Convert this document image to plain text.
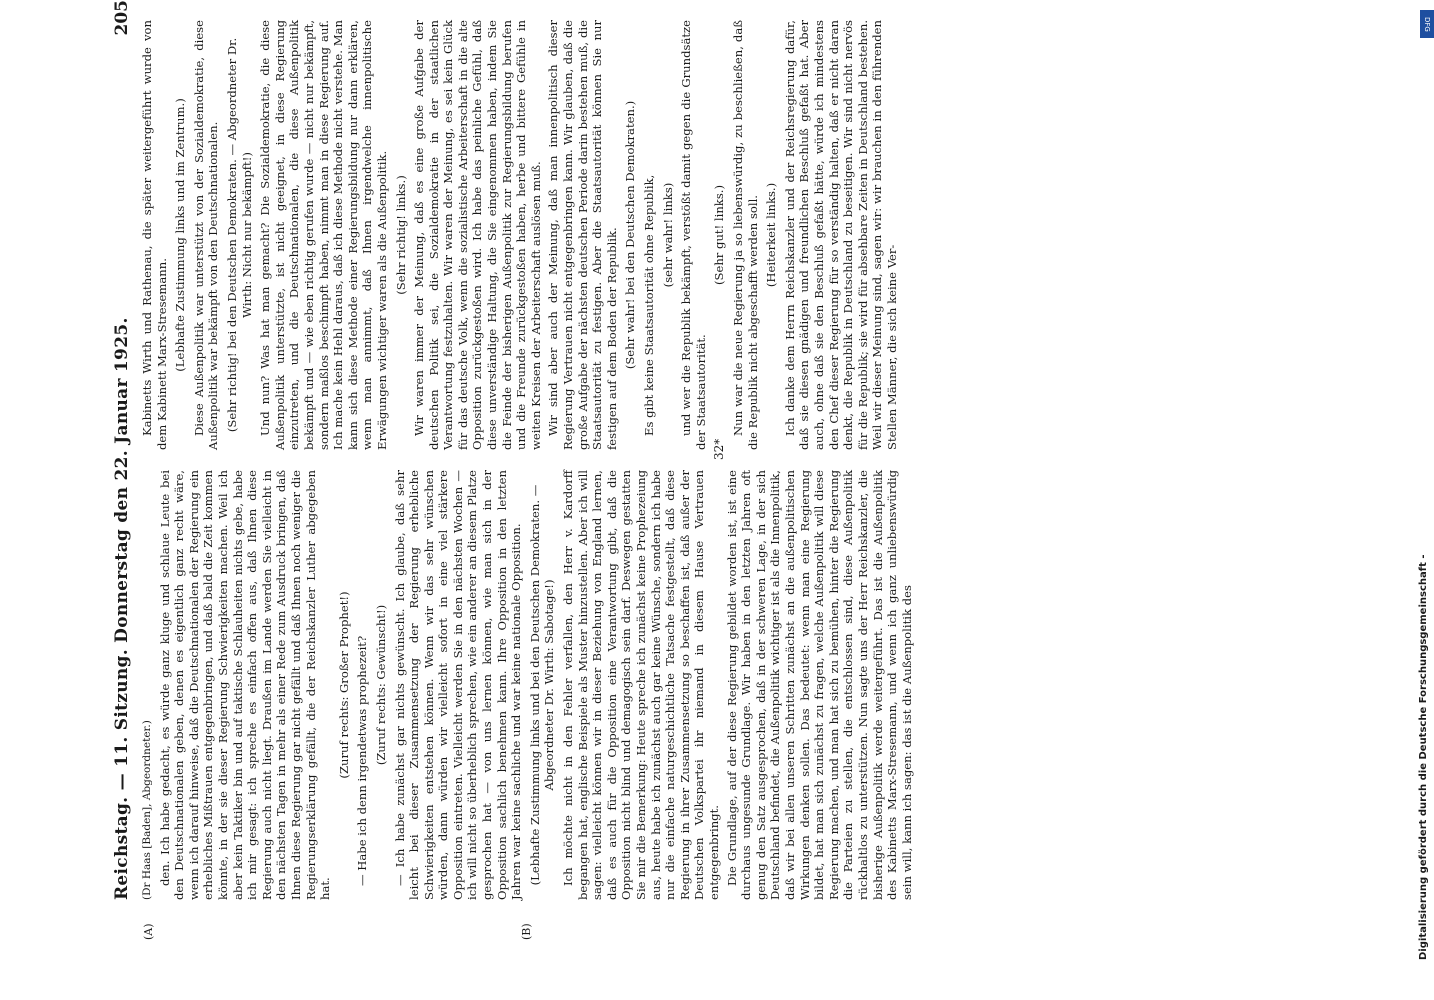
Reichstag. — 11. Sitzung. Donnerstag den 22. Januar 1925.
205

(Dr Haas [Baden], Abgeordneter.) den. Ich habe gedacht, es würde ganz kluge und schlaue Leute bei den Deutschnationalen geben, denen es eigentlich ganz recht wäre, wenn ich darauf hinweise, daß die Deutschnationalen der Regierung ein erhebliches Mißtrauen entgegenbringen, und daß bald die Zeit kommen könnte, in der sie dieser Regierung Schwierigkeiten machen. Weil ich aber kein Taktiker bin und auf taktische Schlauheiten nichts gebe, habe ich mir gesagt: ich spreche es einfach offen aus, daß Ihnen diese Regierung auch nicht liegt. Draußen im Lande werden Sie vielleicht in den nächsten Tagen in mehr als einer Rede zum Ausdruck bringen, daß Ihnen diese Regierung gar nicht gefällt und daß Ihnen noch weniger die Regierungserklärung gefällt, die der Reichskanzler Luther abgegeben hat.

(Zuruf rechts: Großer Prophet!) — Habe ich denn irgendetwas prophezeit? (Zuruf rechts: Gewünscht!) — Ich habe zunächst gar nichts gewünscht. Ich glaube, daß sehr leicht bei dieser Zusammensetzung der Regierung erhebliche Schwierigkeiten entstehen können. Wenn wir das sehr wünschen würden, dann würden wir vielleicht sofort in eine viel stärkere Opposition eintreten. Vielleicht werden Sie in den nächsten Wochen — ich will nicht so überheblich sprechen, wie ein anderer an diesem Platze gesprochen hat — von uns lernen können, wie man sich in der Opposition sachlich benehmen kann. Ihre Opposition in den letzten Jahren war keine sachliche und war keine nationale Opposition. (Lebhafte Zustimmung links und bei den Deutschen Demokraten. — Abgeordneter Dr. Wirth: Sabotage!) Ich möchte nicht in den Fehler verfallen, den Herr v. Kardorff begangen hat, englische Beispiele als Muster hinzustellen. Aber ich will sagen: vielleicht können wir in dieser Beziehung von England lernen, daß es auch für die Opposition eine Verantwortung gibt, daß die Opposition nicht blind und demagogisch sein darf. Deswegen gestatten Sie mir die Bemerkung: Heute spreche ich zunächst keine Prophezeiung aus, heute habe ich zunächst auch gar keine Wünsche, sondern ich habe nur die einfache naturgeschichtliche Tatsache festgestellt, daß diese Regierung in ihrer Zusammensetzung so beschaffen ist, daß außer der Deutschen Volkspartei ihr niemand in diesem Hause Vertrauen entgegenbringt. Die Grundlage, auf der diese Regierung gebildet worden ist, ist eine durchaus ungesunde Grundlage. Wir haben in den letzten Jahren oft genug den Satz ausgesprochen, daß in der schweren Lage, in der sich Deutschland befindet, die Außenpolitik wichtiger ist als die Innenpolitik, daß wir bei allen unseren Schritten zunächst an die außenpolitischen Wirkungen denken sollen. Das bedeutet: wenn man eine Regierung bildet, hat man sich zunächst zu fragen, welche Außenpolitik will diese Regierung machen, und man hat sich zu bemühen, hinter die Regierung die Parteien zu stellen, die entschlossen sind, diese Außenpolitik rückhaltlos zu unterstützen. Nun sagte uns der Herr Reichskanzler, die bisherige Außenpolitik werde weitergeführt. Das ist die Außenpolitik des Kabinetts Marx-Stresemann, und wenn ich ganz unliebenswürdig sein will, kann ich sagen: das ist die Außenpolitik des

Kabinetts Wirth und Rathenau, die später weitergeführt wurde von dem Kabinett Marx-Stresemann. (Lebhafte Zustimmung links und im Zentrum.) Diese Außenpolitik war unterstützt von der Sozialdemokratie, diese Außenpolitik war bekämpft von den Deutschnationalen. (Sehr richtig! bei den Deutschen Demokraten. — Abgeordneter Dr. Wirth: Nicht nur bekämpft!) Und nun? Was hat man gemacht? Die Sozialdemokratie, die diese Außenpolitik unterstützte, ist nicht geeignet, in diese Regierung einzutreten, und die Deutschnationalen, die diese Außenpolitik bekämpft und — wie eben richtig gerufen wurde — nicht nur bekämpft, sondern maßlos beschimpft haben, nimmt man in diese Regierung auf. Ich mache kein Hehl daraus, daß ich diese Methode nicht verstehe. Man kann sich diese Methode einer Regierungsbildung nur dann erklären, wenn man annimmt, daß Ihnen irgendwelche innenpolitische Erwägungen wichtiger waren als die Außenpolitik. (Sehr richtig! links.) Wir waren immer der Meinung, daß es eine große Aufgabe der deutschen Politik sei, die Sozialdemokratie in der staatlichen Verantwortung festzuhalten. Wir waren der Meinung, es sei kein Glück für das deutsche Volk, wenn die sozialistische Arbeiterschaft in die alte Opposition zurückgestoßen wird. Ich habe das peinliche Gefühl, daß diese unverständige Haltung, die Sie eingenommen haben, indem Sie die Feinde der bisherigen Außenpolitik zur Regierungsbildung berufen und die Freunde zurückgestoßen haben, herbe und bittere Gefühle in weiten Kreisen der Arbeiterschaft auslösen muß. Wir sind aber auch der Meinung, daß man innenpolitisch dieser Regierung Vertrauen nicht entgegenbringen kann. Wir glauben, daß die große Aufgabe der nächsten deutschen Periode darin bestehen muß, die Staatsautorität zu festigen. Aber die Staatsautorität können Sie nur festigen auf dem Boden der Republik. (Sehr wahr! bei den Deutschen Demokraten.) Es gibt keine Staatsautorität ohne Republik, (sehr wahr! links) und wer die Republik bekämpft, verstößt damit gegen die Grundsätze der Staatsautorität.

(Sehr gut! links.) Nun war die neue Regierung ja so liebenswürdig, zu beschließen, daß die Republik nicht abgeschafft werden soll. (Heiterkeit links.) Ich danke dem Herrn Reichskanzler und der Reichsregierung dafür, daß sie diesen gnädigen und freundlichen Beschluß gefaßt hat. Aber auch, ohne daß sie den Beschluß gefaßt hätte, würde ich mindestens den Chef dieser Regierung für so verständig halten, daß er nicht daran denkt, die Republik in Deutschland zu beseitigen. Wir sind nicht nervös für die Republik; sie wird für absehbare Zeiten in Deutschland bestehen. Weil wir dieser Meinung sind, sagen wir: wir brauchen in den führenden Stellen Männer, die sich keine Ver-

(A)	(B)
32*
DFG
Digitalisierung gefördert durch die Deutsche Forschungsgemeinschaft -
